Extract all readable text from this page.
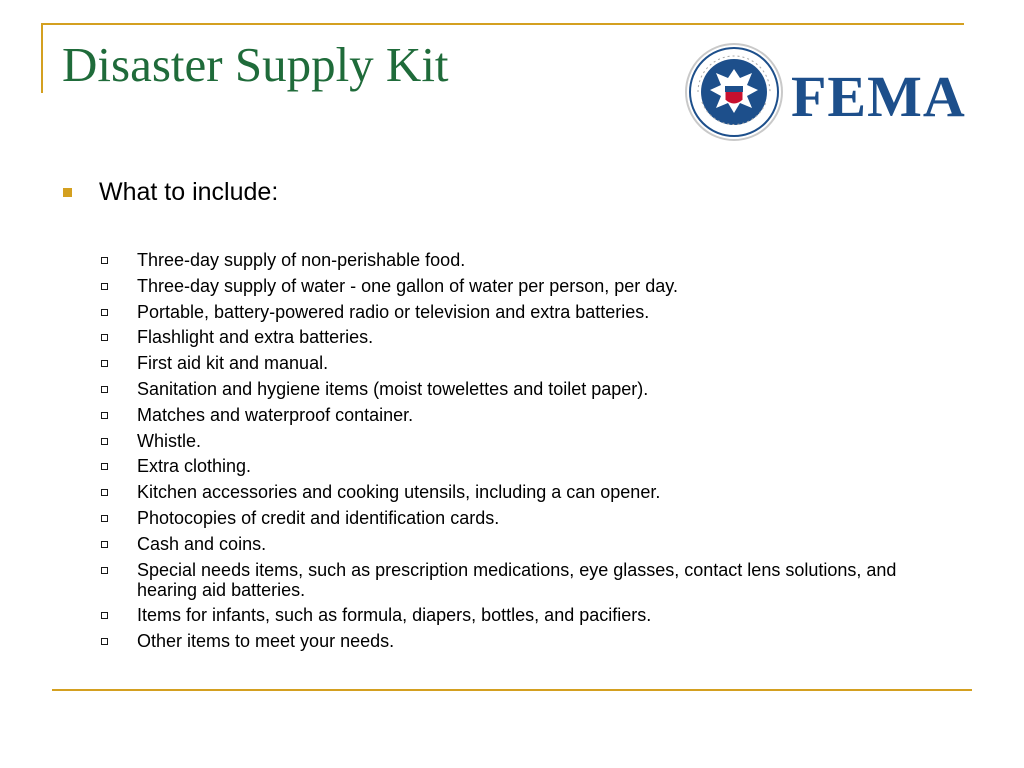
Disaster Supply Kit	FEMA
What to include:
Three-day supply of non-perishable food.
Three-day supply of water - one gallon of water per person, per day.
Portable, battery-powered radio or television and extra batteries.
Flashlight and extra batteries.
First aid kit and manual.
Sanitation and hygiene items (moist towelettes and toilet paper).
Matches and waterproof container.
Whistle.
Extra clothing.
Kitchen accessories and cooking utensils, including a can opener.
Photocopies of credit and identification cards.
Cash and coins.
Special needs items, such as prescription medications, eye glasses, contact lens solutions, and hearing aid batteries.
Items for infants, such as formula, diapers, bottles, and pacifiers.
Other items to meet your needs.
